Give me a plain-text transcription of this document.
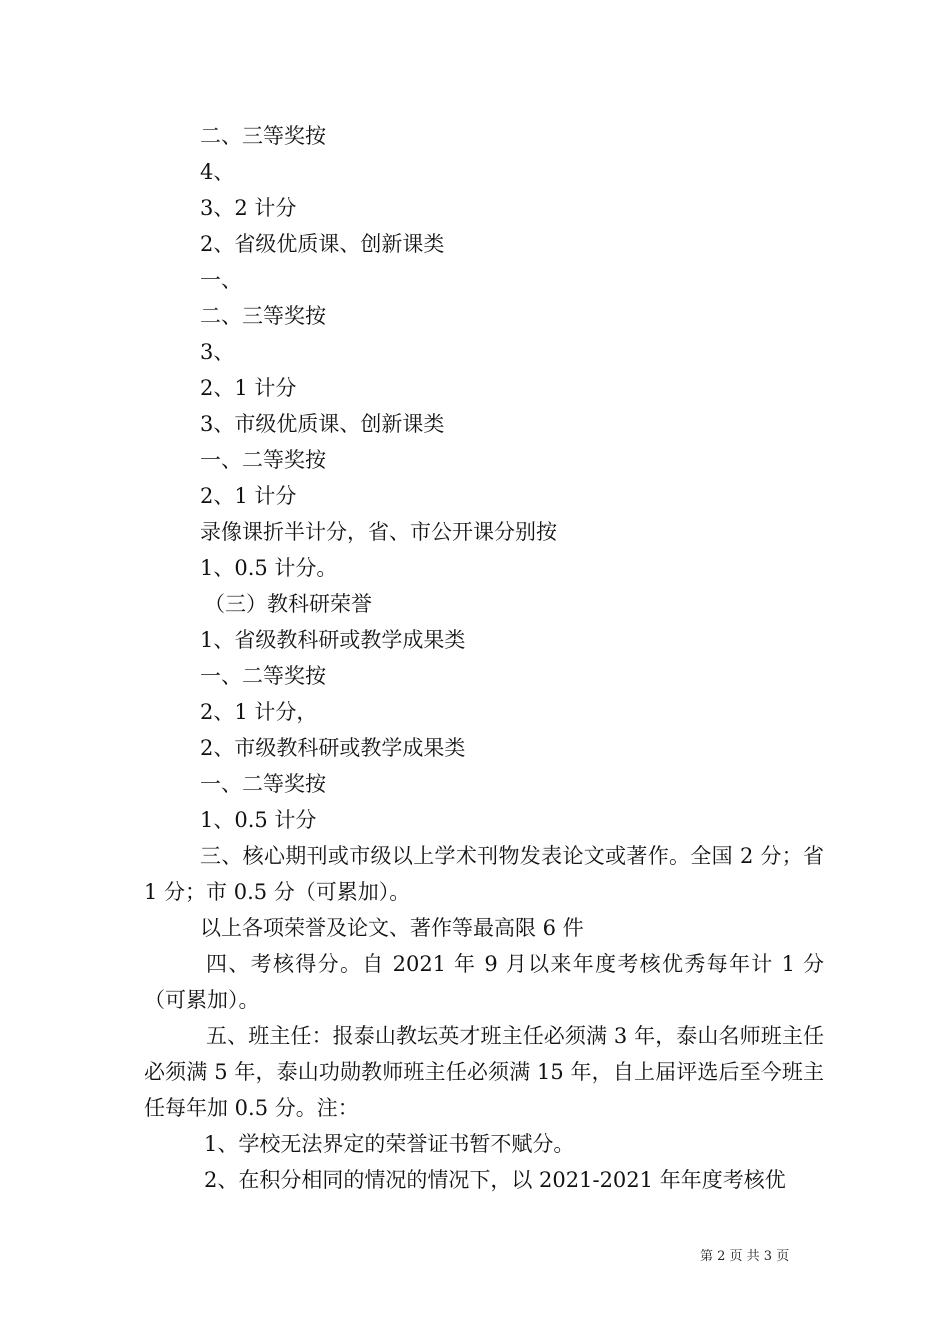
二、三等奖按

4、

3、2 计分

2、省级优质课、创新课类

一、

二、三等奖按

3、

2、1 计分

3、市级优质课、创新课类

一、二等奖按

2、1 计分

录像课折半计分，省、市公开课分别按

1、0.5 计分。

（三）教科研荣誉

1、省级教科研或教学成果类

一、二等奖按

2、1 计分，

2、市级教科研或教学成果类

一、二等奖按

1、0.5 计分

三、核心期刊或市级以上学术刊物发表论文或著作。全国 2 分；省 1 分；市 0.5 分（可累加）。

以上各项荣誉及论文、著作等最高限 6 件

四、考核得分。自 2021 年 9 月以来年度考核优秀每年计 1 分（可累加）。

五、班主任：报泰山教坛英才班主任必须满 3 年，泰山名师班主任必须满 5 年，泰山功勋教师班主任必须满 15 年，自上届评选后至今班主任每年加 0.5 分。注：

1、学校无法界定的荣誉证书暂不赋分。

2、在积分相同的情况的情况下，以 2021-2021 年年度考核优

第 2 页 共 3 页
